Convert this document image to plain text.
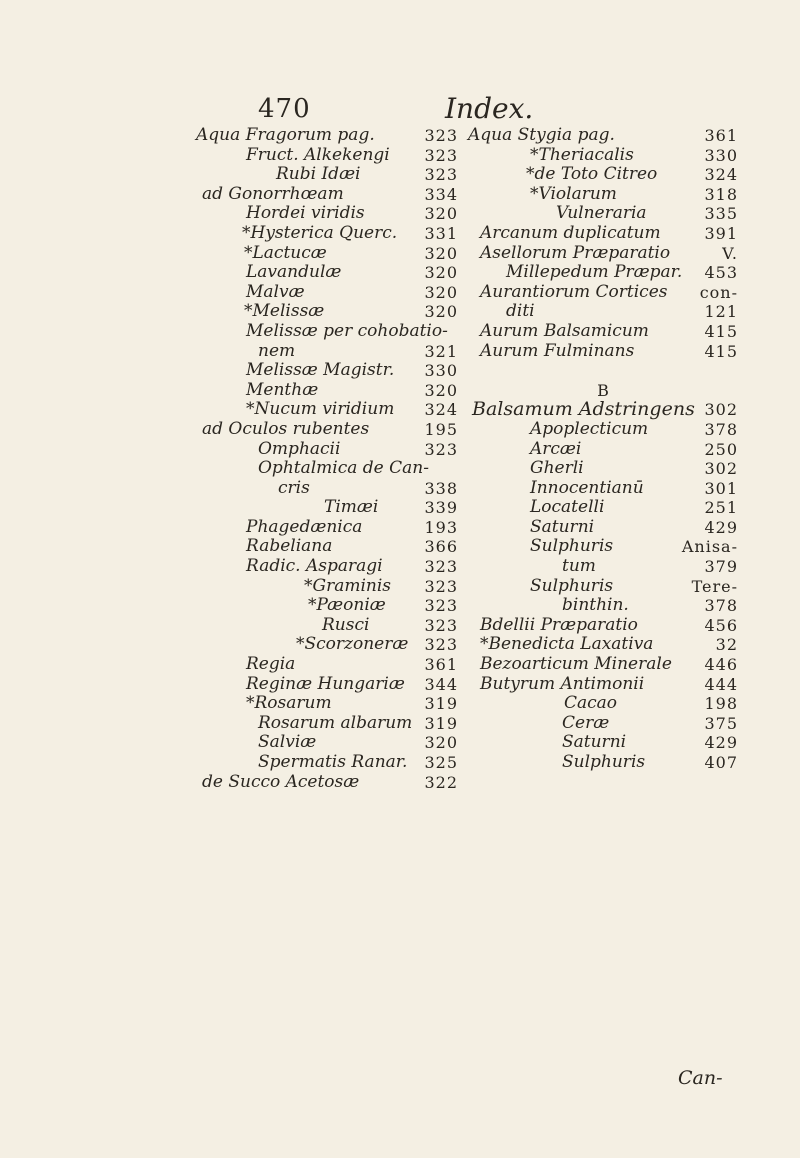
470	Index.
Aqua Fragorum pag.	323
Fruct. Alkekengi 323
Rubi Idæi	323
ad Gonorrhœam	334
Hordei viridis	320
*Hysterica Querc. 331
*Lactucæ	320
Lavandulæ	320
Malvæ	320
*Melissæ	320
Melissæ per cohobatio-
nem	321
Melissæ Magistr. 330
Menthæ	320
*Nucum viridium 324
ad Oculos rubentes	195
Omphacii	323
Ophtalmica de Can-
cris	338
Timæi	339
Phagedænica	193
Rabeliana	366
Radic. Asparagi	323
*Graminis 323
*Pæoniæ 323
Rusci	323
*Scorzoneræ 323
Regia	361
Reginæ Hungariæ 344
*Rosarum	319
Rosarum albarum 319
Salviæ	320
Spermatis Ranar. 325
de Succo Acetosæ	322
Aqua Stygia pag.	361
*Theriacalis	330
*de Toto Citreo	324
*Violarum	318
Vulneraria	335
Arcanum duplicatum	391
Asellorum Præparatio	V.
Millepedum Præpar. 453
Aurantiorum Cortices con-
diti	121
Aurum Balsamicum	415
Aurum Fulminans	415
B
Balsamum Adstringens 302
Apoplecticum	378
Arcæi	250
Gherli	302
Innocentianū	301
Locatelli	251
Saturni	429
Sulphuris	Anisa-
tum	379
Sulphuris	Tere-
binthin.	378
Bdellii Præparatio	456
*Benedicta Laxativa	32
Bezoarticum Minerale 446
Butyrum Antimonii	444
Cacao	198
Ceræ	375
Saturni	429
Sulphuris	407
Can-
